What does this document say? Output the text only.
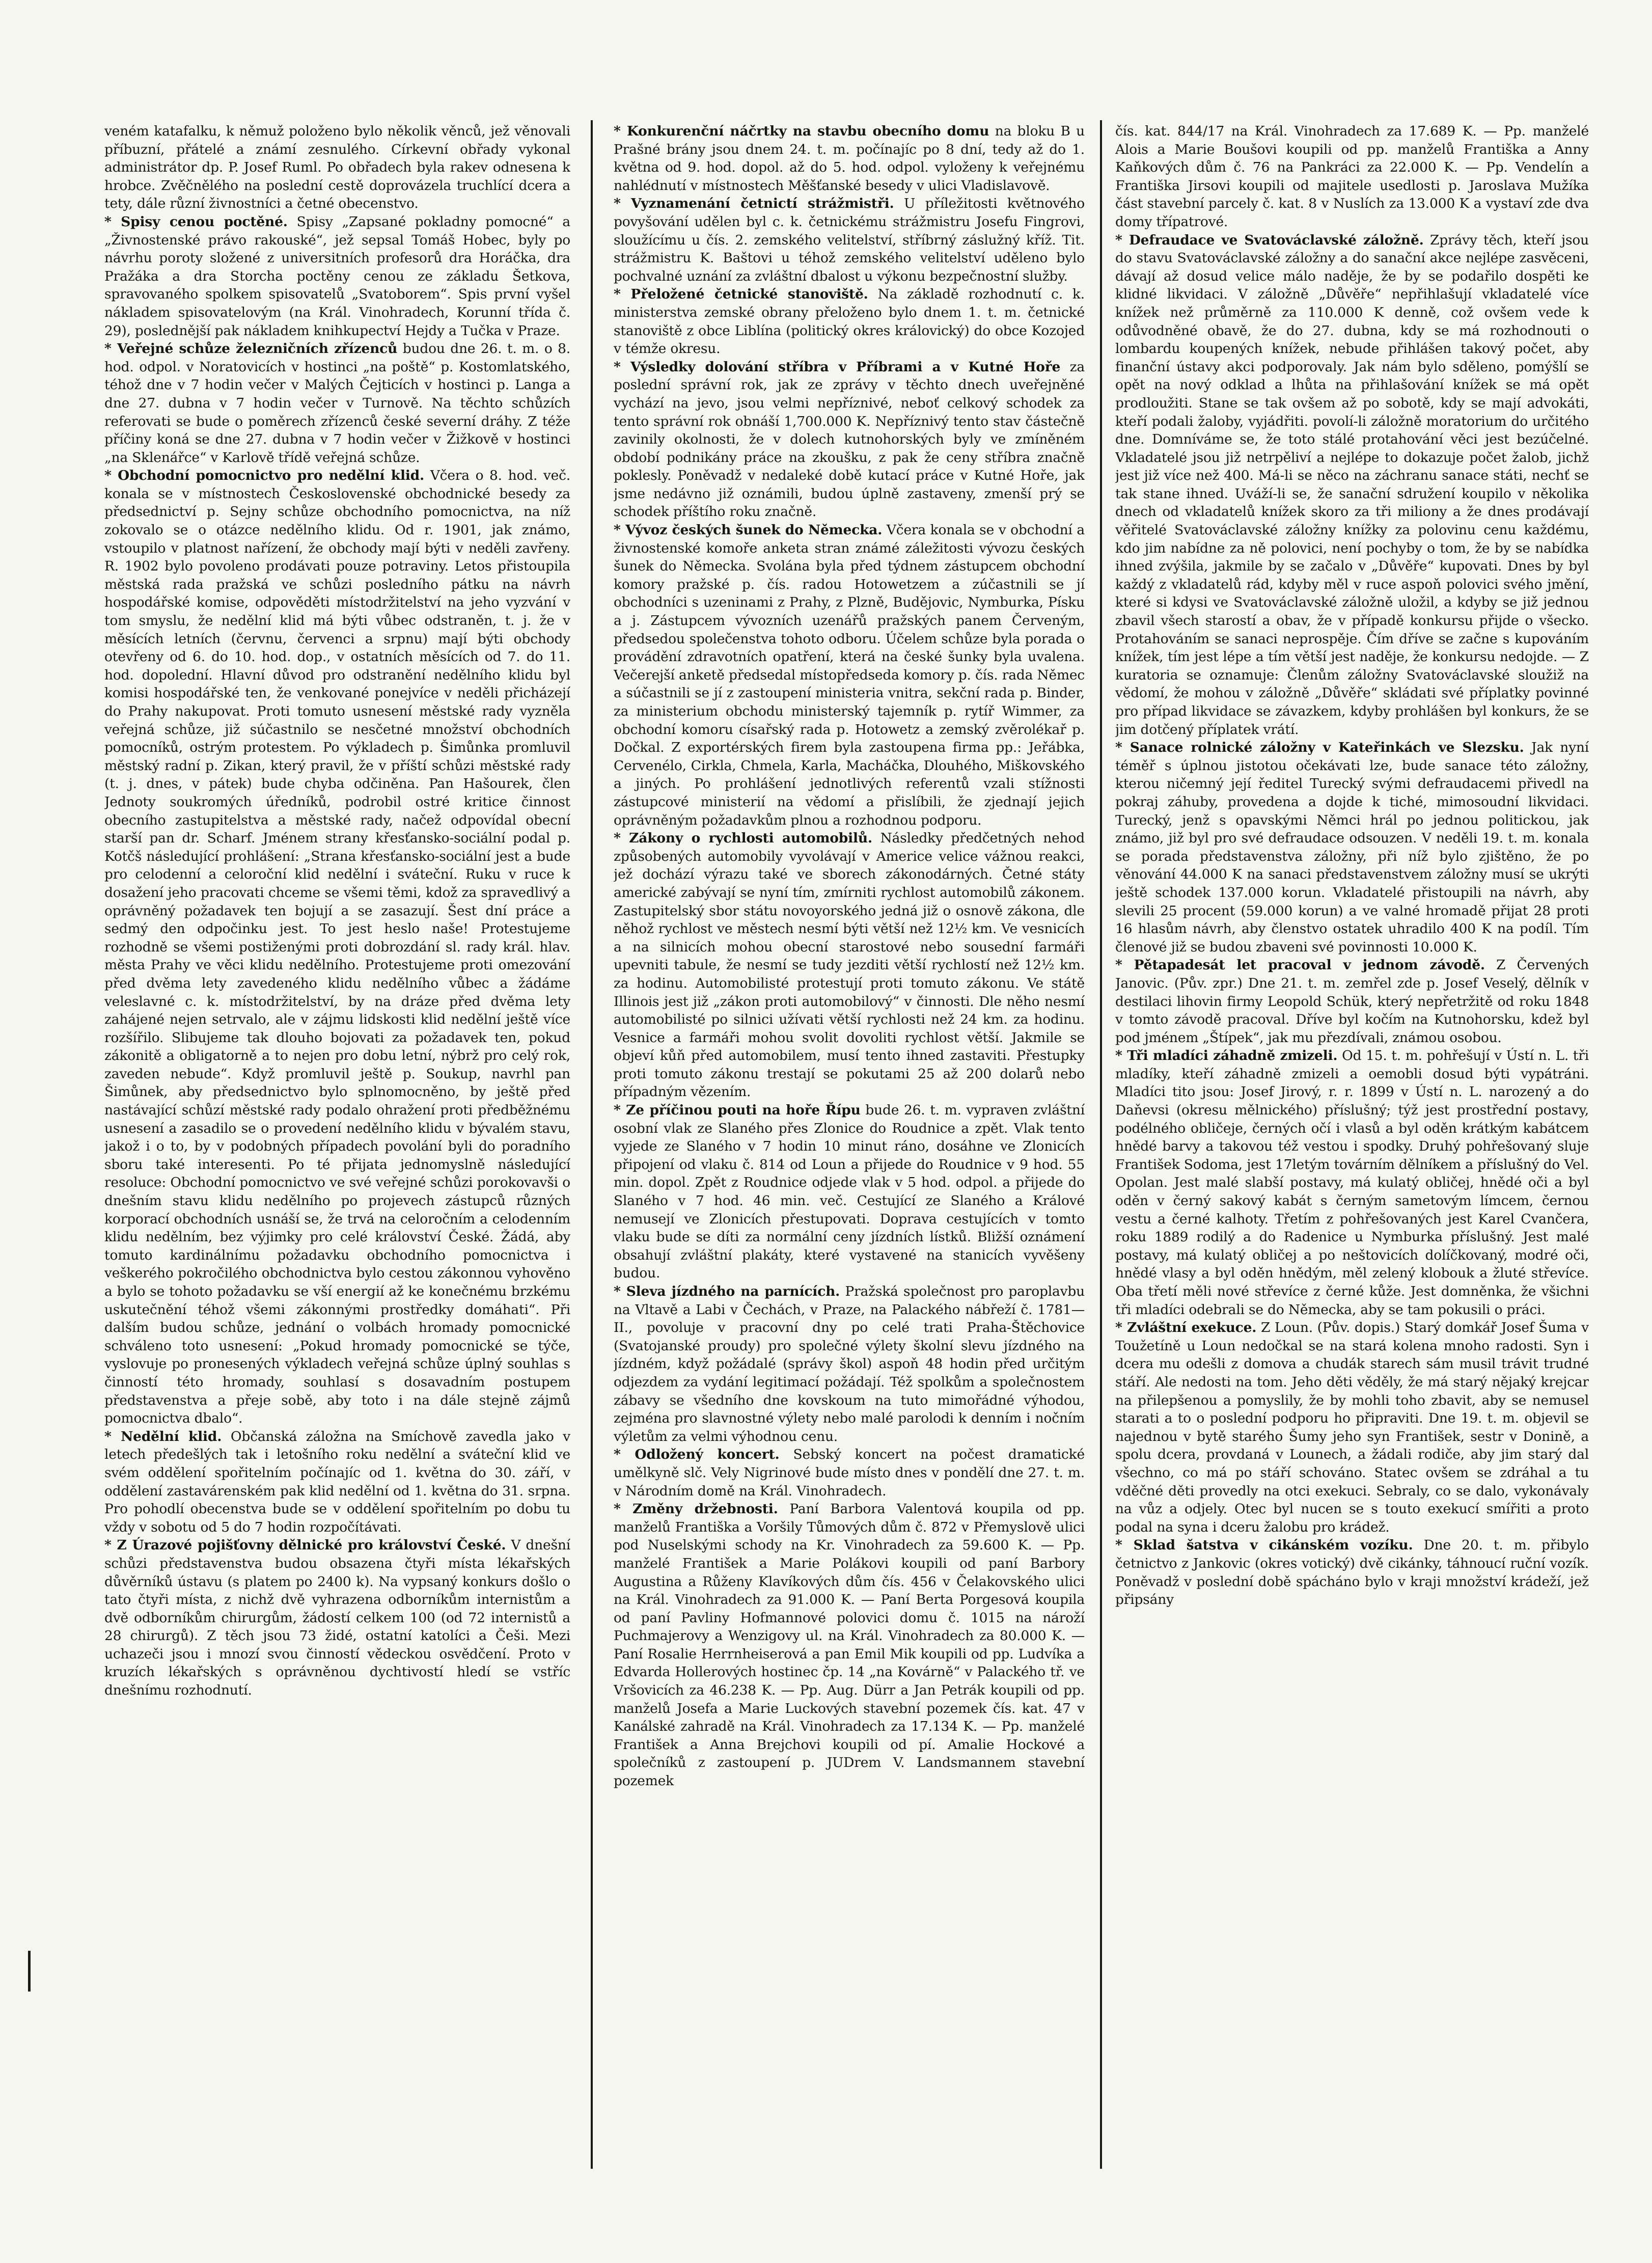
veném katafalku, k němuž položeno bylo několik věnců, jež věnovali příbuzní, přátelé a známí zesnulého. Církevní obřady vykonal administrátor dp. P. Josef Ruml. Po obřadech byla rakev odnesena k hrobce. Zvěčnělého na poslední cestě doprovázela truchlící dcera a tety, dále různí živnostníci a četné obecenstvo.

* Spisy cenou poctěné. Spisy „Zapsané pokladny pomocné“ a „Živnostenské právo rakouské“, jež sepsal Tomáš Hobec, byly po návrhu poroty složené z universitních profesorů dra Horáčka, dra Pražáka a dra Storcha poctěny cenou ze základu Šetkova, spravovaného spolkem spisovatelů „Svatoborem“. Spis první vyšel nákladem spisovatelovým (na Král. Vinohradech, Korunní třída č. 29), poslednější pak nákladem knihkupectví Hejdy a Tučka v Praze.

* Veřejné schůze železničních zřízenců budou dne 26. t. m. o 8. hod. odpol. v Noratovicích v hostinci „na poště“ p. Kostomlatského, téhož dne v 7 hodin večer v Malých Čejticích v hostinci p. Langa a dne 27. dubna v 7 hodin večer v Turnově. Na těchto schůzích referovati se bude o poměrech zřízenců české severní dráhy. Z téže příčiny koná se dne 27. dubna v 7 hodin večer v Žižkově v hostinci „na Sklenářce“ v Karlově třídě veřejná schůze.

* Obchodní pomocnictvo pro nedělní klid. Včera o 8. hod. več. konala se v místnostech Československé obchodnické besedy za předsednictví p. Sejny schůze obchodního pomocnictva, na níž zokovalo se o otázce nedělního klidu. Od r. 1901, jak známo, vstoupilo v platnost nařízení, že obchody mají býti v neděli zavřeny. R. 1902 bylo povoleno prodávati pouze potraviny. Letos přistoupila městská rada pražská ve schůzi posledního pátku na návrh hospodářské komise, odpověděti místodržitelství na jeho vyzvání v tom smyslu, že nedělní klid má býti vůbec odstraněn, t. j. že v měsících letních (červnu, červenci a srpnu) mají býti obchody otevřeny od 6. do 10. hod. dop., v ostatních měsících od 7. do 11. hod. dopolední. Hlavní důvod pro odstranění nedělního klidu byl komisi hospodářské ten, že venkované ponejvíce v neděli přicházejí do Prahy nakupovat. Proti tomuto usnesení městské rady vyzněla veřejná schůze, již súčastnilo se nesčetné množství obchodních pomocníků, ostrým protestem. Po výkladech p. Šimůnka promluvil městský radní p. Zikan, který pravil, že v příští schůzi městské rady (t. j. dnes, v pátek) bude chyba odčiněna. Pan Hašourek, člen Jednoty soukromých úředníků, podrobil ostré kritice činnost obecního zastupitelstva a městské rady, načež odpovídal obecní starší pan dr. Scharf. Jménem strany křesťansko-sociální podal p. Kotčš následující prohlášení: „Strana křesťansko-sociální jest a bude pro celodenní a celoroční klid nedělní i sváteční. Ruku v ruce k dosažení jeho pracovati chceme se všemi těmi, kdož za spravedlivý a oprávněný požadavek ten bojují a se zasazují. Šest dní práce a sedmý den odpočinku jest. To jest heslo naše! Protestujeme rozhodně se všemi postiženými proti dobrozdání sl. rady král. hlav. města Prahy ve věci klidu nedělního. Protestujeme proti omezování před dvěma lety zavedeného klidu nedělního vůbec a žádáme veleslavné c. k. místodržitelství, by na dráze před dvěma lety zahájené nejen setrvalo, ale v zájmu lidskosti klid nedělní ještě více rozšířilo. Slibujeme tak dlouho bojovati za požadavek ten, pokud zákonitě a obligatorně a to nejen pro dobu letní, nýbrž pro celý rok, zaveden nebude“. Když promluvil ještě p. Soukup, navrhl pan Šimůnek, aby předsednictvo bylo splnomocněno, by ještě před nastávající schůzí městské rady podalo ohražení proti předběžnému usnesení a zasadilo se o provedení nedělního klidu v bývalém stavu, jakož i o to, by v podobných případech povolání byli do poradního sboru také interesenti. Po té přijata jednomyslně následující resoluce: Obchodní pomocnictvo ve své veřejné schůzi porokovavši o dnešním stavu klidu nedělního po projevech zástupců různých korporací obchodních usnáší se, že trvá na celoročním a celodenním klidu nedělním, bez výjimky pro celé království České. Žádá, aby tomuto kardinálnímu požadavku obchodního pomocnictva i veškerého pokročilého obchodnictva bylo cestou zákonnou vyhověno a bylo se tohoto požadavku se vší energií až ke konečnému brzkému uskutečnění téhož všemi zákonnými prostředky domáhati“. Při dalším budou schůze, jednání o volbách hromady pomocnické schváleno toto usnesení: „Pokud hromady pomocnické se týče, vyslovuje po pronesených výkladech veřejná schůze úplný souhlas s činností této hromady, souhlasí s dosavadním postupem představenstva a přeje sobě, aby toto i na dále stejně zájmů pomocnictva dbalo“.

* Nedělní klid. Občanská záložna na Smíchově zavedla jako v letech předešlých tak i letošního roku nedělní a sváteční klid ve svém oddělení spořitelním počínajíc od 1. května do 30. září, v oddělení zastavárenském pak klid nedělní od 1. května do 31. srpna. Pro pohodlí obecenstva bude se v oddělení spořitelním po dobu tu vždy v sobotu od 5 do 7 hodin rozpočítávati.

* Z Úrazové pojišťovny dělnické pro království České. V dnešní schůzi představenstva budou obsazena čtyři místa lékařských důvěrníků ústavu (s platem po 2400 k). Na vypsaný konkurs došlo o tato čtyři místa, z nichž dvě vyhrazena odborníkům internistům a dvě odborníkům chirurgům, žádostí celkem 100 (od 72 internistů a 28 chirurgů). Z těch jsou 73 židé, ostatní katolíci a Češi. Mezi uchazeči jsou i mnozí svou činností vědeckou osvědčení. Proto v kruzích lékařských s oprávněnou dychtivostí hledí se vstříc dnešnímu rozhodnutí.

* Konkurenční náčrtky na stavbu obecního domu na bloku B u Prašné brány jsou dnem 24. t. m. počínajíc po 8 dní, tedy až do 1. května od 9. hod. dopol. až do 5. hod. odpol. vyloženy k veřejnému nahlédnutí v místnostech Měšťanské besedy v ulici Vladislavově.

* Vyznamenání četnictí strážmistři. U příležitosti květnového povyšování udělen byl c. k. četnickému strážmistru Josefu Fingrovi, sloužícímu u čís. 2. zemského velitelství, stříbrný záslužný kříž. Tit. strážmistru K. Baštovi u téhož zemského velitelství uděleno bylo pochvalné uznání za zvláštní dbalost u výkonu bezpečnostní služby.

* Přeložené četnické stanoviště. Na základě rozhodnutí c. k. ministerstva zemské obrany přeloženo bylo dnem 1. t. m. četnické stanoviště z obce Liblína (politický okres královický) do obce Kozojed v témže okresu.

* Výsledky dolování stříbra v Příbrami a v Kutné Hoře za poslední správní rok, jak ze zprávy v těchto dnech uveřejněné vychází na jevo, jsou velmi nepříznivé, neboť celkový schodek za tento správní rok obnáší 1,700.000 K. Nepříznivý tento stav částečně zavinily okolnosti, že v dolech kutnohorských byly ve zmíněném období podnikány práce na zkoušku, z pak že ceny stříbra značně poklesly. Poněvadž v nedaleké době kutací práce v Kutné Hoře, jak jsme nedávno již oznámili, budou úplně zastaveny, zmenší prý se schodek příštího roku značně.

* Vývoz českých šunek do Německa. Včera konala se v obchodní a živnostenské komoře anketa stran známé záležitosti vývozu českých šunek do Německa. Svolána byla před týdnem zástupcem obchodní komory pražské p. čís. radou Hotowetzem a zúčastnili se jí obchodníci s uzeninami z Prahy, z Plzně, Budějovic, Nymburka, Písku a j. Zástupcem vývozních uzenářů pražských panem Červeným, předsedou společenstva tohoto odboru. Účelem schůze byla porada o provádění zdravotních opatření, která na české šunky byla uvalena. Večerejší anketě předsedal místopředseda komory p. čís. rada Němec a súčastnili se jí z zastoupení ministeria vnitra, sekční rada p. Binder, za ministerium obchodu ministerský tajemník p. rytíř Wimmer, za obchodní komoru císařský rada p. Hotowetz a zemský zvěrolékař p. Dočkal. Z exportérských firem byla zastoupena firma pp.: Jeřábka, Cervenélo, Cirkla, Chmela, Karla, Macháčka, Dlouhého, Miškovského a jiných. Po prohlášení jednotlivých referentů vzali stížnosti zástupcové ministerií na vědomí a přislíbili, že zjednají jejich oprávněným požadavkům plnou a rozhodnou podporu.

* Zákony o rychlosti automobilů. Následky předčetných nehod způsobených automobily vyvolávají v Americe velice vážnou reakci, jež dochází výrazu také ve sborech zákonodárných. Četné státy americké zabývají se nyní tím, zmírniti rychlost automobilů zákonem. Zastupitelský sbor státu novoyorského jedná již o osnově zákona, dle něhož rychlost ve městech nesmí býti větší než 12½ km. Ve vesnicích a na silnicích mohou obecní starostové nebo sousední farmáři upevniti tabule, že nesmí se tudy jezditi větší rychlostí než 12½ km. za hodinu. Automobilisté protestují proti tomuto zákonu. Ve státě Illinois jest již „zákon proti automobilový“ v činnosti. Dle něho nesmí automobilisté po silnici užívati větší rychlosti než 24 km. za hodinu. Vesnice a farmáři mohou svolit dovoliti rychlost větší. Jakmile se objeví kůň před automobilem, musí tento ihned zastaviti. Přestupky proti tomuto zákonu trestají se pokutami 25 až 200 dolarů nebo případným vězením.

* Ze příčinou pouti na hoře Řípu bude 26. t. m. vypraven zvláštní osobní vlak ze Slaného přes Zlonice do Roudnice a zpět. Vlak tento vyjede ze Slaného v 7 hodin 10 minut ráno, dosáhne ve Zlonicích připojení od vlaku č. 814 od Loun a přijede do Roudnice v 9 hod. 55 min. dopol. Zpět z Roudnice odjede vlak v 5 hod. odpol. a přijede do Slaného v 7 hod. 46 min. več. Cestující ze Slaného a Králové nemusejí ve Zlonicích přestupovati. Doprava cestujících v tomto vlaku bude se díti za normální ceny jízdních lístků. Bližší oznámení obsahují zvláštní plakáty, které vystavené na stanicích vyvěšeny budou.

* Sleva jízdného na parnících. Pražská společnost pro paroplavbu na Vltavě a Labi v Čechách, v Praze, na Palackého nábřeží č. 1781—II., povoluje v pracovní dny po celé trati Praha-Štěchovice (Svatojanské proudy) pro společné výlety školní slevu jízdného na jízdném, když požádalé (správy škol) aspoň 48 hodin před určitým odjezdem za vydání legitimací požádají. Též spolkům a společnostem zábavy se všedního dne kovskoum na tuto mimořádné výhodou, zejména pro slavnostné výlety nebo malé parolodi k denním i nočním výletům za velmi výhodnou cenu.

* Odložený koncert. Sebský koncert na počest dramatické umělkyně slč. Vely Nigrinové bude místo dnes v pondělí dne 27. t. m. v Národním domě na Král. Vinohradech.

* Změny držebnosti. Paní Barbora Valentová koupila od pp. manželů Františka a Voršily Tůmových dům č. 872 v Přemyslově ulici pod Nuselskými schody na Kr. Vinohradech za 59.600 K. — Pp. manželé František a Marie Polákovi koupili od paní Barbory Augustina a Růženy Klavíkových dům čís. 456 v Čelakovského ulici na Král. Vinohradech za 91.000 K. — Paní Berta Porgesová koupila od paní Pavliny Hofmannové polovici domu č. 1015 na nároží Puchmajerovy a Wenzigovy ul. na Král. Vinohradech za 80.000 K. — Paní Rosalie Herrnheiserová a pan Emil Mik koupili od pp. Ludvíka a Edvarda Hollerových hostinec čp. 14 „na Kovárně“ v Palackého tř. ve Vršovicích za 46.238 K. — Pp. Aug. Dürr a Jan Petrák koupili od pp. manželů Josefa a Marie Luckových stavební pozemek čís. kat. 47 v Kanálské zahradě na Král. Vinohradech za 17.134 K. — Pp. manželé František a Anna Brejchovi koupili od pí. Amalie Hockové a společníků z zastoupení p. JUDrem V. Landsmannem stavební pozemek

čís. kat. 844/17 na Král. Vinohradech za 17.689 K. — Pp. manželé Alois a Marie Boušovi koupili od pp. manželů Františka a Anny Kaňkových dům č. 76 na Pankráci za 22.000 K. — Pp. Vendelín a Františka Jirsovi koupili od majitele usedlosti p. Jaroslava Mužíka část stavební parcely č. kat. 8 v Nuslích za 13.000 K a vystaví zde dva domy třípatrové.

* Defraudace ve Svatováclavské záložně. Zprávy těch, kteří jsou do stavu Svatováclavské záložny a do sanační akce nejlépe zasvěceni, dávají až dosud velice málo naděje, že by se podařilo dospěti ke klidné likvidaci. V záložně „Důvěře“ nepřihlašují vkladatelé více knížek než průměrně za 110.000 K denně, což ovšem vede k odůvodněné obavě, že do 27. dubna, kdy se má rozhodnouti o lombardu koupených knížek, nebude přihlášen takový počet, aby finanční ústavy akci podporovaly. Jak nám bylo sděleno, pomýšlí se opět na nový odklad a lhůta na přihlašování knížek se má opět prodloužiti. Stane se tak ovšem až po sobotě, kdy se mají advokáti, kteří podali žaloby, vyjádřiti. povolí-li záložně moratorium do určitého dne. Domníváme se, že toto stálé protahování věci jest bezúčelné. Vkladatelé jsou již netrpěliví a nejlépe to dokazuje počet žalob, jichž jest již více než 400. Má-li se něco na záchranu sanace státi, nechť se tak stane ihned. Uváží-li se, že sanační sdružení koupilo v několika dnech od vkladatelů knížek skoro za tři miliony a že dnes prodávají věřitelé Svatováclavské záložny knížky za polovinu cenu každému, kdo jim nabídne za ně polovici, není pochyby o tom, že by se nabídka ihned zvýšila, jakmile by se začalo v „Důvěře“ kupovati. Dnes by byl každý z vkladatelů rád, kdyby měl v ruce aspoň polovici svého jmění, které si kdysi ve Svatováclavské záložně uložil, a kdyby se již jednou zbavil všech starostí a obav, že v případě konkursu přijde o všecko. Protahováním se sanaci neprospěje. Čím dříve se začne s kupováním knížek, tím jest lépe a tím větší jest naděje, že konkursu nedojde. — Z kuratoria se oznamuje: Členům záložny Svatováclavské sloužiž na vědomí, že mohou v záložně „Důvěře“ skládati své příplatky povinné pro případ likvidace se závazkem, kdyby prohlášen byl konkurs, že se jim dotčený příplatek vrátí.

* Sanace rolnické záložny v Kateřinkách ve Slezsku. Jak nyní téměř s úplnou jistotou očekávati lze, bude sanace této záložny, kterou ničemný její ředitel Turecký svými defraudacemi přivedl na pokraj záhuby, provedena a dojde k tiché, mimosoudní likvidaci. Turecký, jenž s opavskými Němci hrál po jednou politickou, jak známo, již byl pro své defraudace odsouzen. V neděli 19. t. m. konala se porada představenstva záložny, při níž bylo zjištěno, že po věnování 44.000 K na sanaci představenstvem záložny musí se ukrýti ještě schodek 137.000 korun. Vkladatelé přistoupili na návrh, aby slevili 25 procent (59.000 korun) a ve valné hromadě přijat 28 proti 16 hlasům návrh, aby členstvo ostatek uhradilo 400 K na podíl. Tím členové již se budou zbaveni své povinnosti 10.000 K.

* Pětapadesát let pracoval v jednom závodě. Z Červených Janovic. (Pův. zpr.) Dne 21. t. m. zemřel zde p. Josef Veselý, dělník v destilaci lihovin firmy Leopold Schük, který nepřetržitě od roku 1848 v tomto závodě pracoval. Dříve byl kočím na Kutnohorsku, kdež byl pod jménem „Štípek“, jak mu přezdívali, známou osobou.

* Tři mladíci záhadně zmizeli. Od 15. t. m. pohřešují v Ústí n. L. tři mladíky, kteří záhadně zmizeli a oemobli dosud býti vypátráni. Mladíci tito jsou: Josef Jirový, r. r. 1899 v Ústí n. L. narozený a do Daňevsi (okresu mělnického) příslušný; týž jest prostřední postavy, podélného obličeje, černých očí i vlasů a byl oděn krátkým kabátcem hnědé barvy a takovou též vestou i spodky. Druhý pohřešovaný sluje František Sodoma, jest 17letým továrním dělníkem a příslušný do Vel. Opolan. Jest malé slabší postavy, má kulatý obličej, hnědé oči a byl oděn v černý sakový kabát s černým sametovým límcem, černou vestu a černé kalhoty. Třetím z pohřešovaných jest Karel Cvančera, roku 1889 rodilý a do Radenice u Nymburka příslušný. Jest malé postavy, má kulatý obličej a po neštovicích dolíčkovaný, modré oči, hnědé vlasy a byl oděn hnědým, měl zelený klobouk a žluté střevíce. Oba třetí měli nové střevíce z černé kůže. Jest domněnka, že všichni tři mladíci odebrali se do Německa, aby se tam pokusili o práci.

* Zvláštní exekuce. Z Loun. (Pův. dopis.) Starý domkář Josef Šuma v Toužetíně u Loun nedočkal se na stará kolena mnoho radosti. Syn i dcera mu odešli z domova a chudák starech sám musil trávit trudné stáří. Ale nedosti na tom. Jeho děti věděly, že má starý nějaký krejcar na přilepšenou a pomyslily, že by mohli toho zbavit, aby se nemusel starati a to o poslední podporu ho připraviti. Dne 19. t. m. objevil se najednou v bytě starého Šumy jeho syn František, sestr v Donině, a spolu dcera, provdaná v Lounech, a žádali rodiče, aby jim starý dal všechno, co má po stáří schováno. Statec ovšem se zdráhal a tu vděčné děti provedly na otci exekuci. Sebraly, co se dalo, vykonávaly na vůz a odjely. Otec byl nucen se s touto exekucí smířiti a proto podal na syna i dceru žalobu pro krádež.

* Sklad šatstva v cikánském vozíku. Dne 20. t. m. přibylo četnictvo z Jankovic (okres votický) dvě cikánky, táhnoucí ruční vozík. Poněvadž v poslední době spácháno bylo v kraji množství krádeží, jež připsány
